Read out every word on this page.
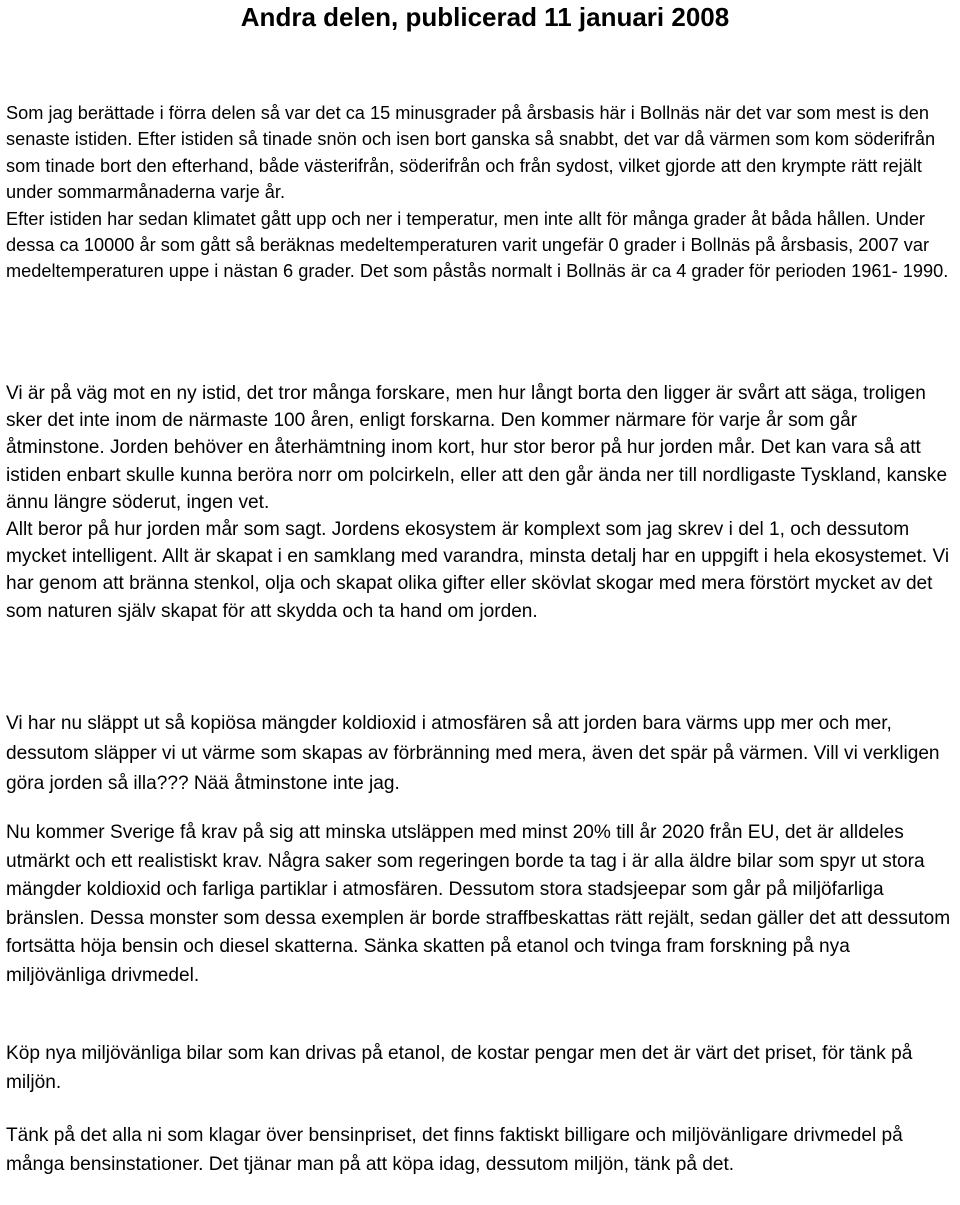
Andra delen, publicerad 11 januari 2008
Som jag berättade i förra delen så var det ca 15 minusgrader på årsbasis här i Bollnäs när det var som mest is den senaste istiden. Efter istiden så tinade snön och isen bort ganska så snabbt, det var då värmen som kom söderifrån som tinade bort den efterhand, både västerifrån, söderifrån och från sydost, vilket gjorde att den krympte rätt rejält under sommarmånaderna varje år.
Efter istiden har sedan klimatet gått upp och ner i temperatur, men inte allt för många grader åt båda hållen. Under dessa ca 10000 år som gått så beräknas medeltemperaturen varit ungefär 0 grader i Bollnäs på årsbasis, 2007 var medeltemperaturen uppe i nästan 6 grader. Det som påstås normalt i Bollnäs är ca 4 grader för perioden 1961- 1990.
Vi är på väg mot en ny istid, det tror många forskare, men hur långt borta den ligger är svårt att säga, troligen sker det inte inom de närmaste 100 åren, enligt forskarna. Den kommer närmare för varje år som går åtminstone. Jorden behöver en återhämtning inom kort, hur stor beror på hur jorden mår. Det kan vara så att istiden enbart skulle kunna beröra norr om polcirkeln, eller att den går ända ner till nordligaste Tyskland, kanske ännu längre söderut, ingen vet.
Allt beror på hur jorden mår som sagt. Jordens ekosystem är komplext som jag skrev i del 1, och dessutom mycket intelligent. Allt är skapat i en samklang med varandra, minsta detalj har en uppgift i hela ekosystemet. Vi har genom att bränna stenkol, olja och skapat olika gifter eller skövlat skogar med mera förstört mycket av det som naturen själv skapat för att skydda och ta hand om jorden.
Vi har nu släppt ut så kopiösa mängder koldioxid i atmosfären så att jorden bara värms upp mer och mer, dessutom släpper vi ut värme som skapas av förbränning med mera, även det spär på värmen. Vill vi verkligen göra jorden så illa??? Nää åtminstone inte jag.
Nu kommer Sverige få krav på sig att minska utsläppen med minst 20% till år 2020 från EU, det är alldeles utmärkt och ett realistiskt krav. Några saker som regeringen borde ta tag i är alla äldre bilar som spyr ut stora mängder koldioxid och farliga partiklar i atmosfären. Dessutom stora stadsjeepar som går på miljöfarliga bränslen. Dessa monster som dessa exemplen är borde straffbeskattas rätt rejält, sedan gäller det att dessutom fortsätta höja bensin och diesel skatterna. Sänka skatten på etanol och tvinga fram forskning på nya miljövänliga drivmedel.
Köp nya miljövänliga bilar som kan drivas på etanol, de kostar pengar men det är värt det priset, för tänk på miljön.
Tänk på det alla ni som klagar över bensinpriset, det finns faktiskt billigare och miljövänligare drivmedel på många bensinstationer. Det tjänar man på att köpa idag, dessutom miljön, tänk på det.
